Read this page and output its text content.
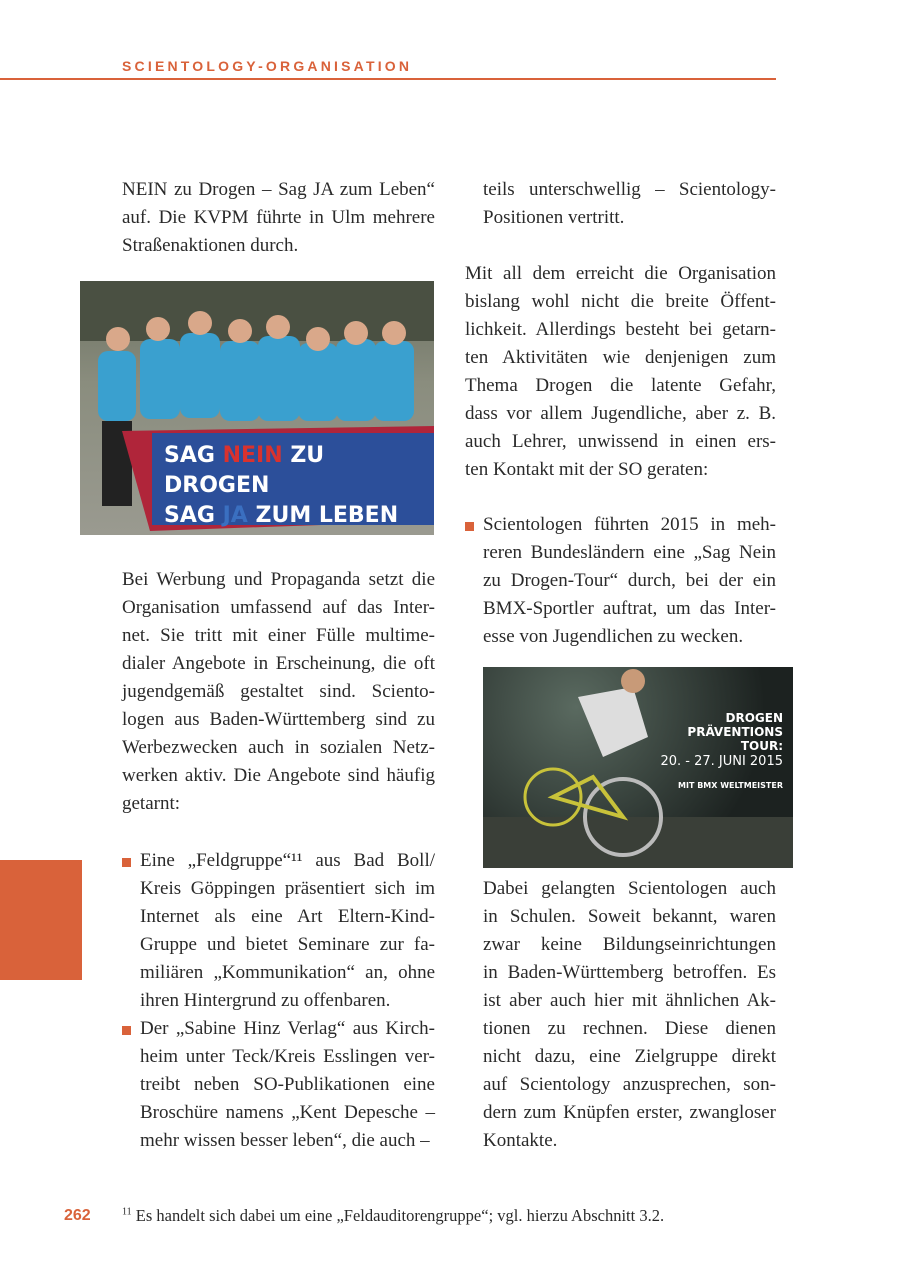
SCIENTOLOGY-ORGANISATION
NEIN zu Drogen – Sag JA zum Leben“
auf. Die KVPM führte in Ulm mehrere
Straßenaktionen durch.
SAG NEIN ZU DROGEN
SAG JA ZUM LEBEN
Bei Werbung und Propaganda setzt die
Organisation umfassend auf das Inter-
net. Sie tritt mit einer Fülle multime-
dialer Angebote in Erscheinung, die oft
jugendgemäß gestaltet sind. Sciento-
logen aus Baden-Württemberg sind zu
Werbezwecken auch in sozialen Netz-
werken aktiv. Die Angebote sind häufig
getarnt:
Eine „Feldgruppe“¹¹ aus Bad Boll/
Kreis Göppingen präsentiert sich im
Internet als eine Art Eltern-Kind-
Gruppe und bietet Seminare zur fa-
miliären „Kommunikation“ an, ohne
ihren Hintergrund zu offenbaren.
Der „Sabine Hinz Verlag“ aus Kirch-
heim unter Teck/Kreis Esslingen ver-
treibt neben SO-Publikationen eine
Broschüre namens „Kent Depesche –
mehr wissen besser leben“, die auch –
teils unterschwellig – Scientology-
Positionen vertritt.
Mit all dem erreicht die Organisation
bislang wohl nicht die breite Öffent-
lichkeit. Allerdings besteht bei getarn-
ten Aktivitäten wie denjenigen zum
Thema Drogen die latente Gefahr,
dass vor allem Jugendliche, aber z. B.
auch Lehrer, unwissend in einen ers-
ten Kontakt mit der SO geraten:
Scientologen führten 2015 in meh-
reren Bundesländern eine „Sag Nein
zu Drogen-Tour“ durch, bei der ein
BMX-Sportler auftrat, um das Inter-
esse von Jugendlichen zu wecken.
DROGEN
PRÄVENTIONS
TOUR:
20. - 27. JUNI 2015
MIT BMX WELTMEISTER
Dabei gelangten Scientologen auch
in Schulen. Soweit bekannt, waren
zwar keine Bildungseinrichtungen
in Baden-Württemberg betroffen. Es
ist aber auch hier mit ähnlichen Ak-
tionen zu rechnen. Diese dienen
nicht dazu, eine Zielgruppe direkt
auf Scientology anzusprechen, son-
dern zum Knüpfen erster, zwangloser
Kontakte.
262	$^{11}$ Es handelt sich dabei um eine „Feldauditorengruppe“; vgl. hierzu Abschnitt 3.2.
